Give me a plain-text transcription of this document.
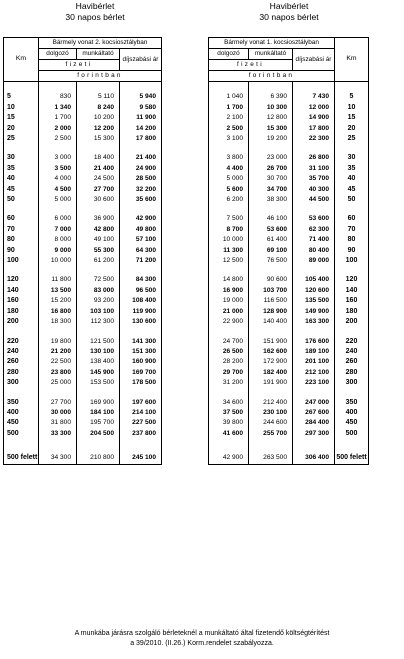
Havibérlet
30 napos bérlet
Havibérlet
30 napos bérlet
Km	Bármely vonat 2. kocsiosztályban		
	dolgozó	munkáltató	díjszabási ár
	fizeti		
	forintban		

5	830	5 110	5 940
10	1 340	8 240	9 580
15	1 700	10 200	11 900
20	2 000	12 200	14 200
25	2 500	15 300	17 800

30	3 000	18 400	21 400
35	3 500	21 400	24 900
40	4 000	24 500	28 500
45	4 500	27 700	32 200
50	5 000	30 600	35 600

60	6 000	36 900	42 900
70	7 000	42 800	49 800
80	8 000	49 100	57 100
90	9 000	55 300	64 300
100	10 000	61 200	71 200

120	11 800	72 500	84 300
140	13 500	83 000	96 500
160	15 200	93 200	108 400
180	16 800	103 100	119 900
200	18 300	112 300	130 600

220	19 800	121 500	141 300
240	21 200	130 100	151 300
260	22 500	138 400	160 900
280	23 800	145 900	169 700
300	25 000	153 500	178 500

350	27 700	169 900	197 600
400	30 000	184 100	214 100
450	31 800	195 700	227 500
500	33 300	204 500	237 800

500 felett	34 300	210 800	245 100
Bármely vonat 1. kocsiosztályban			Km
dolgozó	munkáltató	díjszabási ár	
fizeti			
forintban			

1 040	6 390	7 430	5
1 700	10 300	12 000	10
2 100	12 800	14 900	15
2 500	15 300	17 800	20
3 100	19 200	22 300	25

3 800	23 000	26 800	30
4 400	26 700	31 100	35
5 000	30 700	35 700	40
5 600	34 700	40 300	45
6 200	38 300	44 500	50

7 500	46 100	53 600	60
8 700	53 600	62 300	70
10 000	61 400	71 400	80
11 300	69 100	80 400	90
12 500	76 500	89 000	100

14 800	90 600	105 400	120
16 900	103 700	120 600	140
19 000	116 500	135 500	160
21 000	128 900	149 900	180
22 900	140 400	163 300	200

24 700	151 900	176 600	220
26 500	162 600	189 100	240
28 200	172 900	201 100	260
29 700	182 400	212 100	280
31 200	191 900	223 100	300

34 600	212 400	247 000	350
37 500	230 100	267 600	400
39 800	244 600	284 400	450
41 600	255 700	297 300	500

42 900	263 500	306 400	500 felett
A munkába járásra szolgáló bérleteknél a munkáltató által fizetendő költségtérítést
a 39/2010. (II.26.) Korm.rendelet szabályozza.
